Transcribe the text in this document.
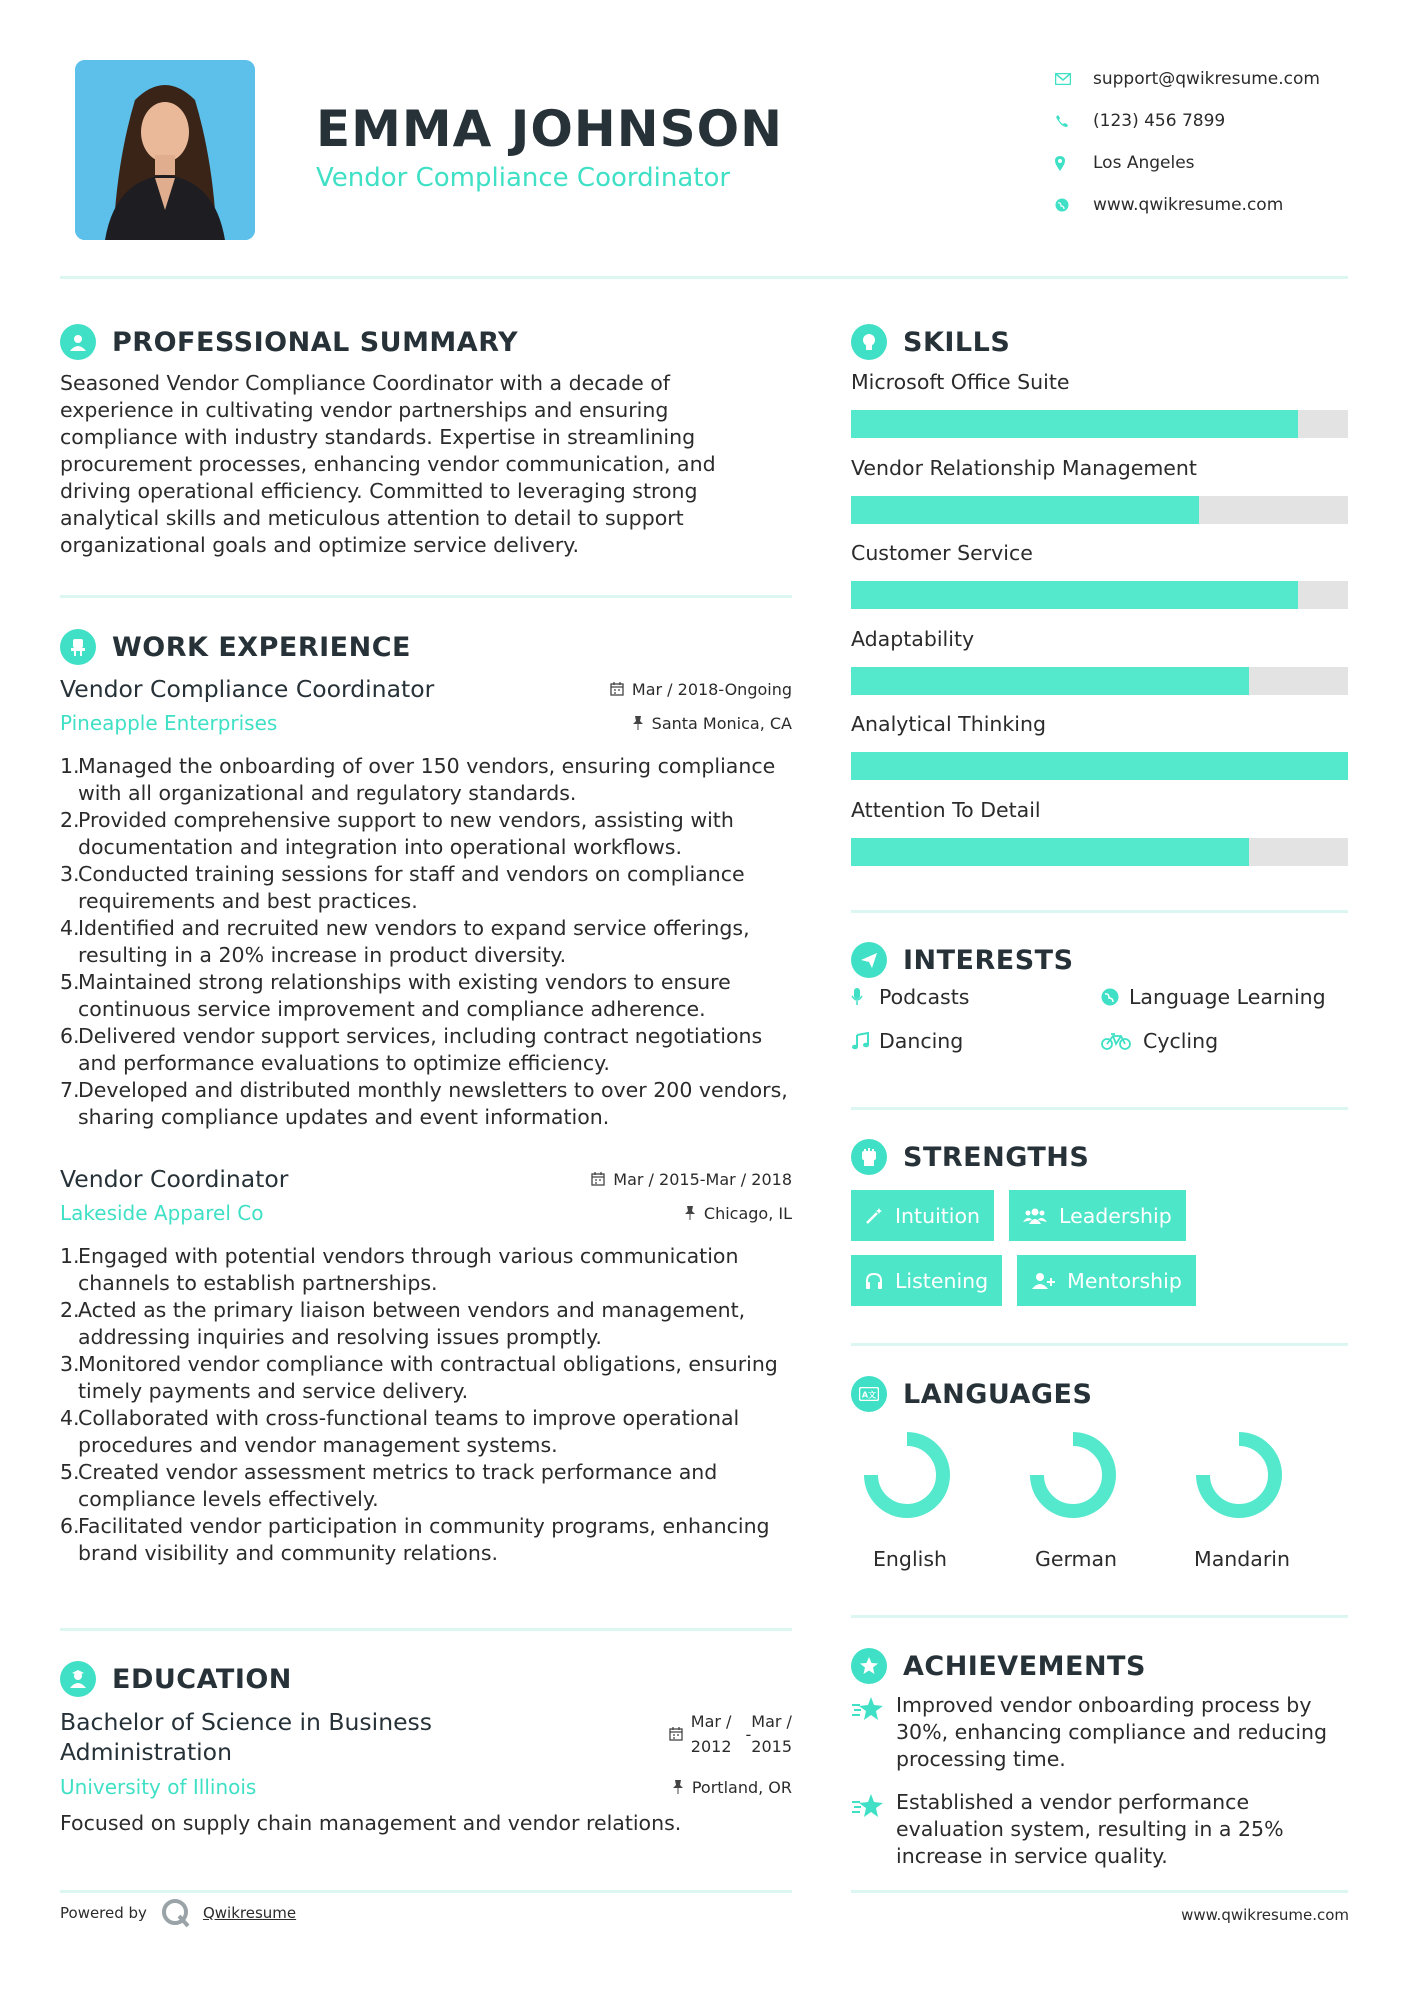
EMMA JOHNSON
Vendor Compliance Coordinator
support@qwikresume.com
(123) 456 7899
Los Angeles
www.qwikresume.com
PROFESSIONAL SUMMARY
Seasoned Vendor Compliance Coordinator with a decade of
experience in cultivating vendor partnerships and ensuring
compliance with industry standards. Expertise in streamlining
procurement processes, enhancing vendor communication, and
driving operational efficiency. Committed to leveraging strong
analytical skills and meticulous attention to detail to support
organizational goals and optimize service delivery.
WORK EXPERIENCE
Vendor Compliance Coordinator	Mar / 2018-Ongoing
Pineapple Enterprises	Santa Monica, CA
1.
Managed the onboarding of over 150 vendors, ensuring compliance with all organizational and regulatory standards.
2.
Provided comprehensive support to new vendors, assisting with documentation and integration into operational workflows.
3.
Conducted training sessions for staff and vendors on compliance requirements and best practices.
4.
Identified and recruited new vendors to expand service offerings, resulting in a 20% increase in product diversity.
5.
Maintained strong relationships with existing vendors to ensure continuous service improvement and compliance adherence.
6.
Delivered vendor support services, including contract negotiations and performance evaluations to optimize efficiency.
7.
Developed and distributed monthly newsletters to over 200 vendors, sharing compliance updates and event information.
Vendor Coordinator	Mar / 2015-Mar / 2018
Lakeside Apparel Co	Chicago, IL
1.
Engaged with potential vendors through various communication channels to establish partnerships.
2.
Acted as the primary liaison between vendors and management, addressing inquiries and resolving issues promptly.
3.
Monitored vendor compliance with contractual obligations, ensuring timely payments and service delivery.
4.
Collaborated with cross-functional teams to improve operational procedures and vendor management systems.
5.
Created vendor assessment metrics to track performance and compliance levels effectively.
6.
Facilitated vendor participation in community programs, enhancing brand visibility and community relations.
EDUCATION
Bachelor of Science in Business
Administration
Mar /
2012
-
Mar /
2015
University of Illinois	Portland, OR
Focused on supply chain management and vendor relations.
SKILLS
Microsoft Office Suite
Vendor Relationship Management
Customer Service
Adaptability
Analytical Thinking
Attention To Detail
INTERESTS
Podcasts	Language Learning
Dancing	Cycling
STRENGTHS
Intuition	Leadership
Listening	Mentorship
A文 LANGUAGES
English	German	Mandarin
ACHIEVEMENTS
Improved vendor onboarding process by
30%, enhancing compliance and reducing
processing time.
Established a vendor performance
evaluation system, resulting in a 25%
increase in service quality.
Powered by	Qwikresume	www.qwikresume.com
